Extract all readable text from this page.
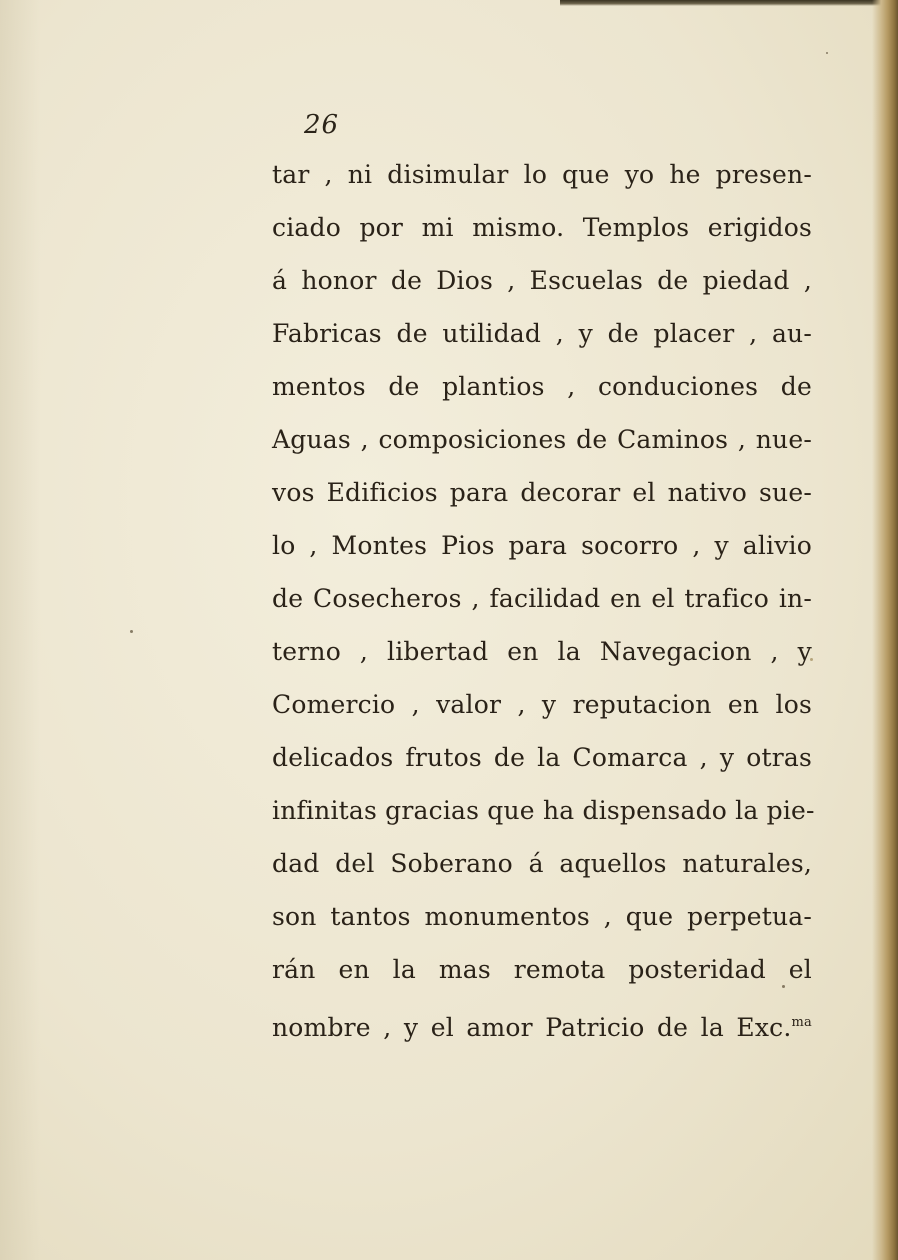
26
tar , ni disimular lo que yo he presen-
ciado por mi mismo. Templos erigidos
á honor de Dios , Escuelas de piedad ,
Fabricas de utilidad , y de placer , au-
mentos de plantios , conduciones de
Aguas , composiciones de Caminos , nue-
vos Edificios para decorar el nativo sue-
lo , Montes Pios para socorro , y alivio
de Cosecheros , facilidad en el trafico in-
terno , libertad en la Navegacion , y
Comercio , valor , y reputacion en los
delicados frutos de la Comarca , y otras
infinitas gracias que ha dispensado la pie-
dad del Soberano á aquellos naturales,
son tantos monumentos , que perpetua-
rán en la mas remota posteridad el
nombre , y el amor Patricio de la Exc.$^{ma}$
